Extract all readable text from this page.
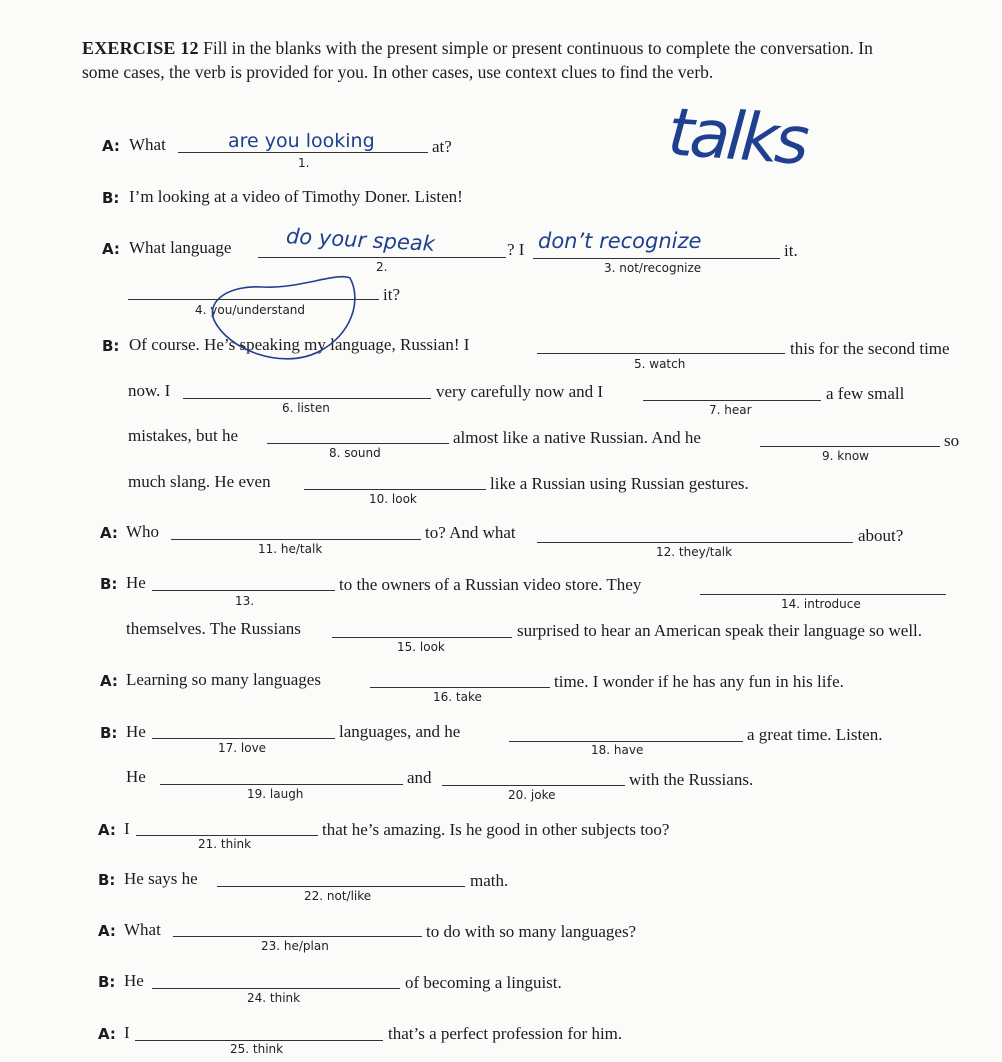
EXERCISE 12 Fill in the blanks with the present simple or present continuous to complete the conversation. In some cases, the verb is provided for you. In other cases, use context clues to find the verb.
A: What	are you looking
1.
at?
B: I’m looking at a video of Timothy Doner. Listen!
A: What language	do your speak
2.
? I don’t recognize
3. not/recognize
it.
4. you/understand
it?
B: Of course. He’s speaking my language, Russian! I
5. watch
this for the second time
now. I
6. listen
very carefully now and I
7. hear
a few small
mistakes, but he
8. sound
almost like a native Russian. And he
9. know
so
much slang. He even
10. look
like a Russian using Russian gestures.
A: Who
11. he/talk
to? And what
12. they/talk
about?
B: He
13.
to the owners of a Russian video store. They
14. introduce
themselves. The Russians
15. look
surprised to hear an American speak their language so well.
A: Learning so many languages
16. take
time. I wonder if he has any fun in his life.
B: He
17. love
languages, and he
18. have
a great time. Listen.
He
19. laugh
and
20. joke
with the Russians.
A: I
21. think
that he’s amazing. Is he good in other subjects too?
B: He says he
22. not/like
math.
A: What
23. he/plan
to do with so many languages?
B: He
24. think
of becoming a linguist.
A: I
25. think
that’s a perfect profession for him.
talks
